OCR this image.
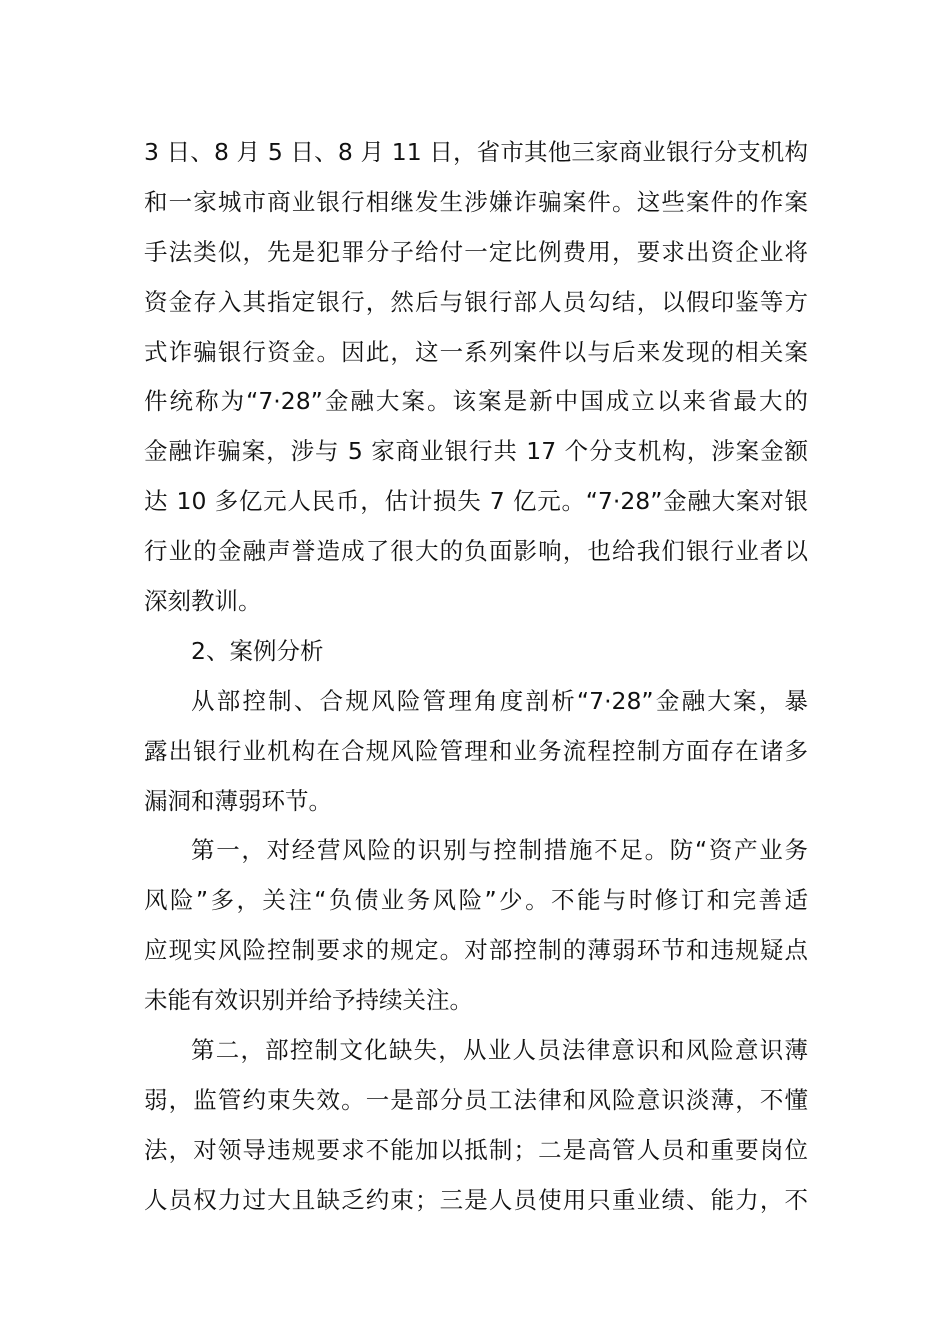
3 日、8 月 5 日、8 月 11 日，省市其他三家商业银行分支机构
和一家城市商业银行相继发生涉嫌诈骗案件。这些案件的作案
手法类似，先是犯罪分子给付一定比例费用，要求出资企业将
资金存入其指定银行，然后与银行部人员勾结，以假印鉴等方
式诈骗银行资金。因此，这一系列案件以与后来发现的相关案
件统称为“7·28”金融大案。该案是新中国成立以来省最大的
金融诈骗案，涉与 5 家商业银行共 17 个分支机构，涉案金额
达 10 多亿元人民币，估计损失 7 亿元。“7·28”金融大案对银
行业的金融声誉造成了很大的负面影响，也给我们银行业者以
深刻教训。
2、案例分析
从部控制、合规风险管理角度剖析“7·28”金融大案，暴
露出银行业机构在合规风险管理和业务流程控制方面存在诸多
漏洞和薄弱环节。
第一，对经营风险的识别与控制措施不足。防“资产业务
风险”多，关注“负债业务风险”少。不能与时修订和完善适
应现实风险控制要求的规定。对部控制的薄弱环节和违规疑点
未能有效识别并给予持续关注。
第二，部控制文化缺失，从业人员法律意识和风险意识薄
弱，监管约束失效。一是部分员工法律和风险意识淡薄，不懂
法，对领导违规要求不能加以抵制；二是高管人员和重要岗位
人员权力过大且缺乏约束；三是人员使用只重业绩、能力，不
